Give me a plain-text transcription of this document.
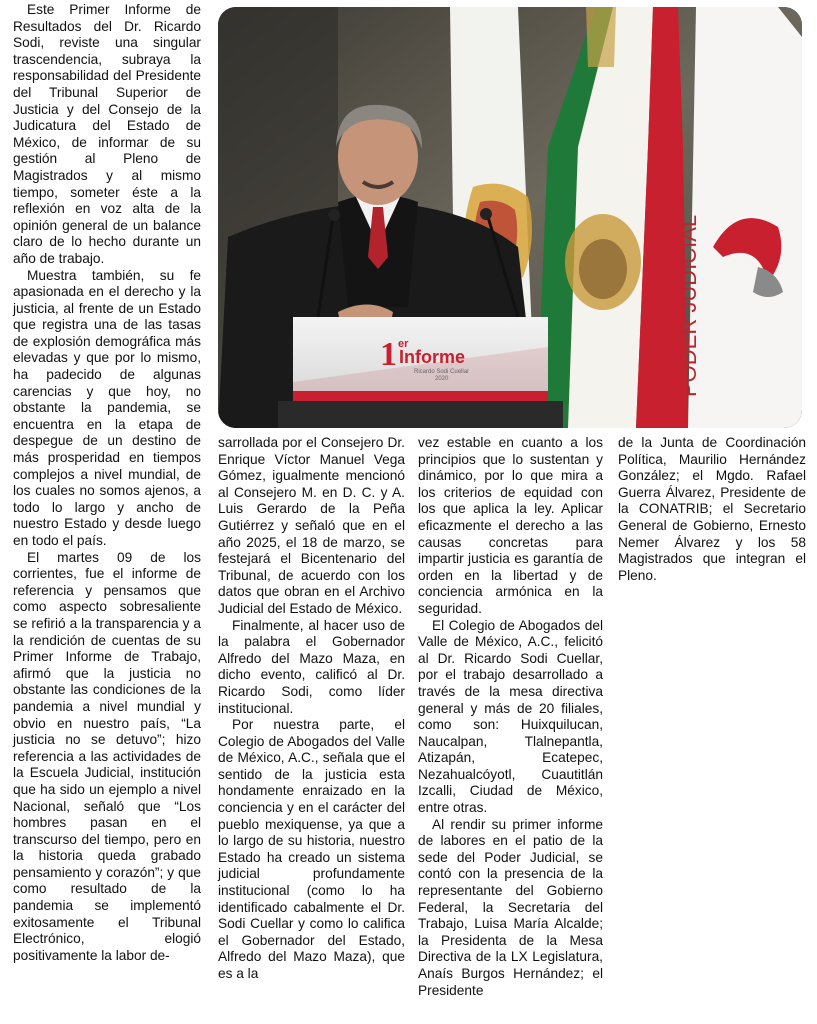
Este Primer Informe de Resultados del Dr. Ricardo Sodi, reviste una singular trascendencia, subraya la responsabilidad del Presidente del Tribunal Superior de Justicia y del Consejo de la Judicatura del Estado de México, de informar de su gestión al Pleno de Magistrados y al mismo tiempo, someter éste a la reflexión en voz alta de la opinión general de un balance claro de lo hecho durante un año de trabajo.

Muestra también, su fe apasionada en el derecho y la justicia, al frente de un Estado que registra una de las tasas de explosión demográfica más elevadas y que por lo mismo, ha padecido de algunas carencias y que hoy, no obstante la pandemia, se encuentra en la etapa de despegue de un destino de más prosperidad en tiempos complejos a nivel mundial, de los cuales no somos ajenos, a todo lo largo y ancho de nuestro Estado y desde luego en todo el país.

El martes 09 de los corrientes, fue el informe de referencia y pensamos que como aspecto sobresaliente se refirió a la transparencia y a la rendición de cuentas de su Primer Informe de Trabajo, afirmó que la justicia no obstante las condiciones de la pandemia a nivel mundial y obvio en nuestro país, “La justicia no se detuvo”; hizo referencia a las actividades de la Escuela Judicial, institución que ha sido un ejemplo a nivel Nacional, señaló que “Los hombres pasan en el transcurso del tiempo, pero en la historia queda grabado pensamiento y corazón”; y que como resultado de la pandemia se implementó exitosamente el Tribunal Electrónico, elogió positivamente la labor de-

PODER JUDICIAL
1 er
Informe
Ricardo Sodi Cuellar
2020

sarrollada por el Consejero Dr. Enrique Víctor Manuel Vega Gómez, igualmente mencionó al Consejero M. en D. C. y A. Luis Gerardo de la Peña Gutiérrez y señaló que en el año 2025, el 18 de marzo, se festejará el Bicentenario del Tribunal, de acuerdo con los datos que obran en el Archivo Judicial del Estado de México.

Finalmente, al hacer uso de la palabra el Gobernador Alfredo del Mazo Maza, en dicho evento, calificó al Dr. Ricardo Sodi, como líder institucional.

Por nuestra parte, el Colegio de Abogados del Valle de México, A.C., señala que el sentido de la justicia esta hondamente enraizado en la conciencia y en el carácter del pueblo mexiquense, ya que a lo largo de su historia, nuestro Estado ha creado un sistema judicial profundamente institucional (como lo ha identificado cabalmente el Dr. Sodi Cuellar y como lo califica el Gobernador del Estado, Alfredo del Mazo Maza), que es a la

vez estable en cuanto a los principios que lo sustentan y dinámico, por lo que mira a los criterios de equidad con los que aplica la ley. Aplicar eficazmente el derecho a las causas concretas para impartir justicia es garantía de orden en la libertad y de conciencia armónica en la seguridad.

El Colegio de Abogados del Valle de México, A.C., felicitó al Dr. Ricardo Sodi Cuellar, por el trabajo desarrollado a través de la mesa directiva general y más de 20 filiales, como son: Huixquilucan, Naucalpan, Tlalnepantla, Atizapán, Ecatepec, Nezahualcóyotl, Cuautitlán Izcalli, Ciudad de México, entre otras.

Al rendir su primer informe de labores en el patio de la sede del Poder Judicial, se contó con la presencia de la representante del Gobierno Federal, la Secretaria del Trabajo, Luisa María Alcalde; la Presidenta de la Mesa Directiva de la LX Legislatura, Anaís Burgos Hernández; el Presidente

de la Junta de Coordinación Política, Maurilio Hernández González; el Mgdo. Rafael Guerra Álvarez, Presidente de la CONATRIB; el Secretario General de Gobierno, Ernesto Nemer Álvarez y los 58 Magistrados que integran el Pleno.
